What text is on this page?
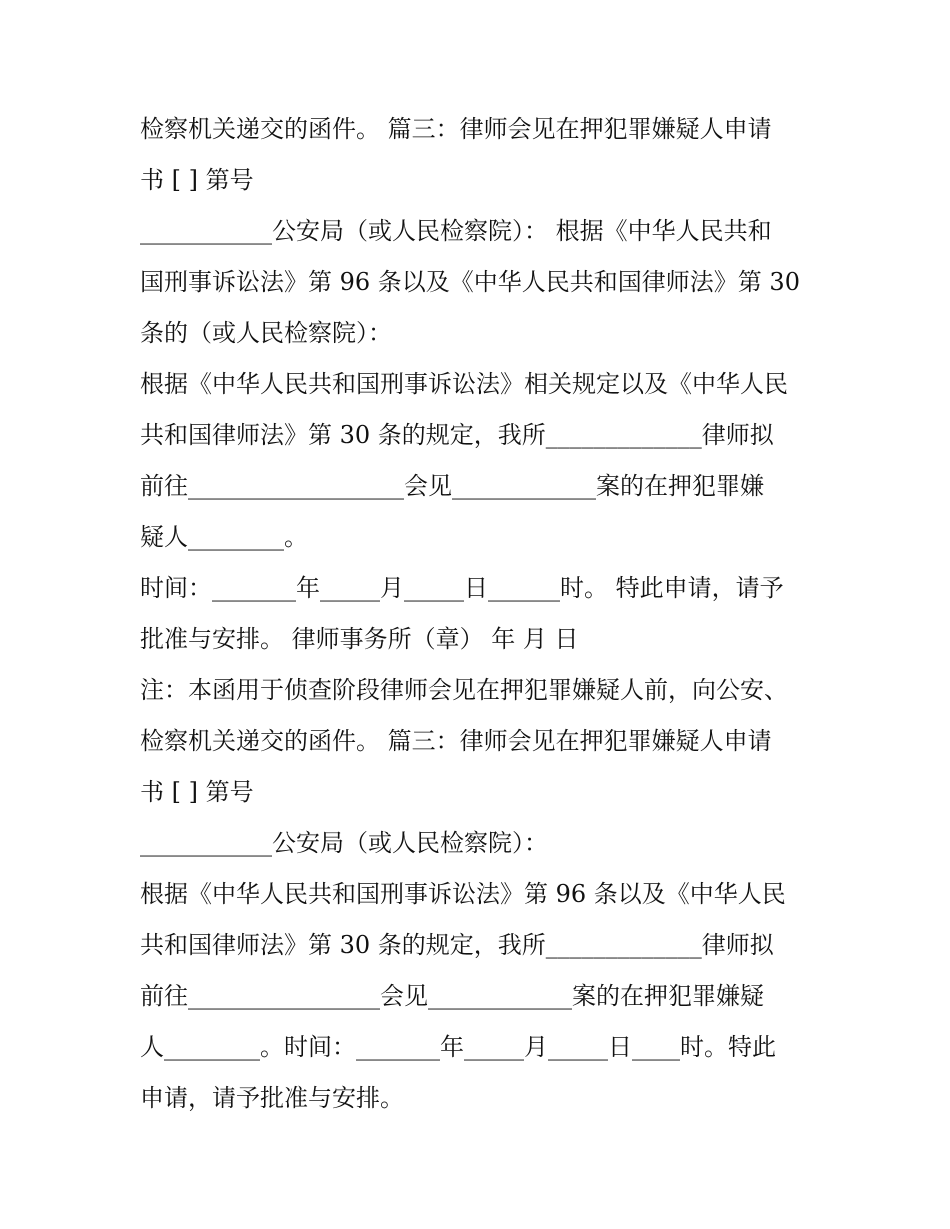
检察机关递交的函件。 篇三：律师会见在押犯罪嫌疑人申请
书 [ ] 第号
___________公安局（或人民检察院）： 根据《中华人民共和
国刑事诉讼法》第 96 条以及《中华人民共和国律师法》第 30
条的（或人民检察院）：
根据《中华人民共和国刑事诉讼法》相关规定以及《中华人民
共和国律师法》第 30 条的规定，我所_____________律师拟
前往__________________会见____________案的在押犯罪嫌
疑人________。
时间：_______年_____月_____日______时。 特此申请，请予
批准与安排。 律师事务所（章） 年 月 日
注：本函用于侦查阶段律师会见在押犯罪嫌疑人前，向公安、
检察机关递交的函件。 篇三：律师会见在押犯罪嫌疑人申请
书 [ ] 第号
___________公安局（或人民检察院）：
根据《中华人民共和国刑事诉讼法》第 96 条以及《中华人民
共和国律师法》第 30 条的规定，我所_____________律师拟
前往________________会见____________案的在押犯罪嫌疑
人________。时间：_______年_____月_____日____时。特此
申请，请予批准与安排。
